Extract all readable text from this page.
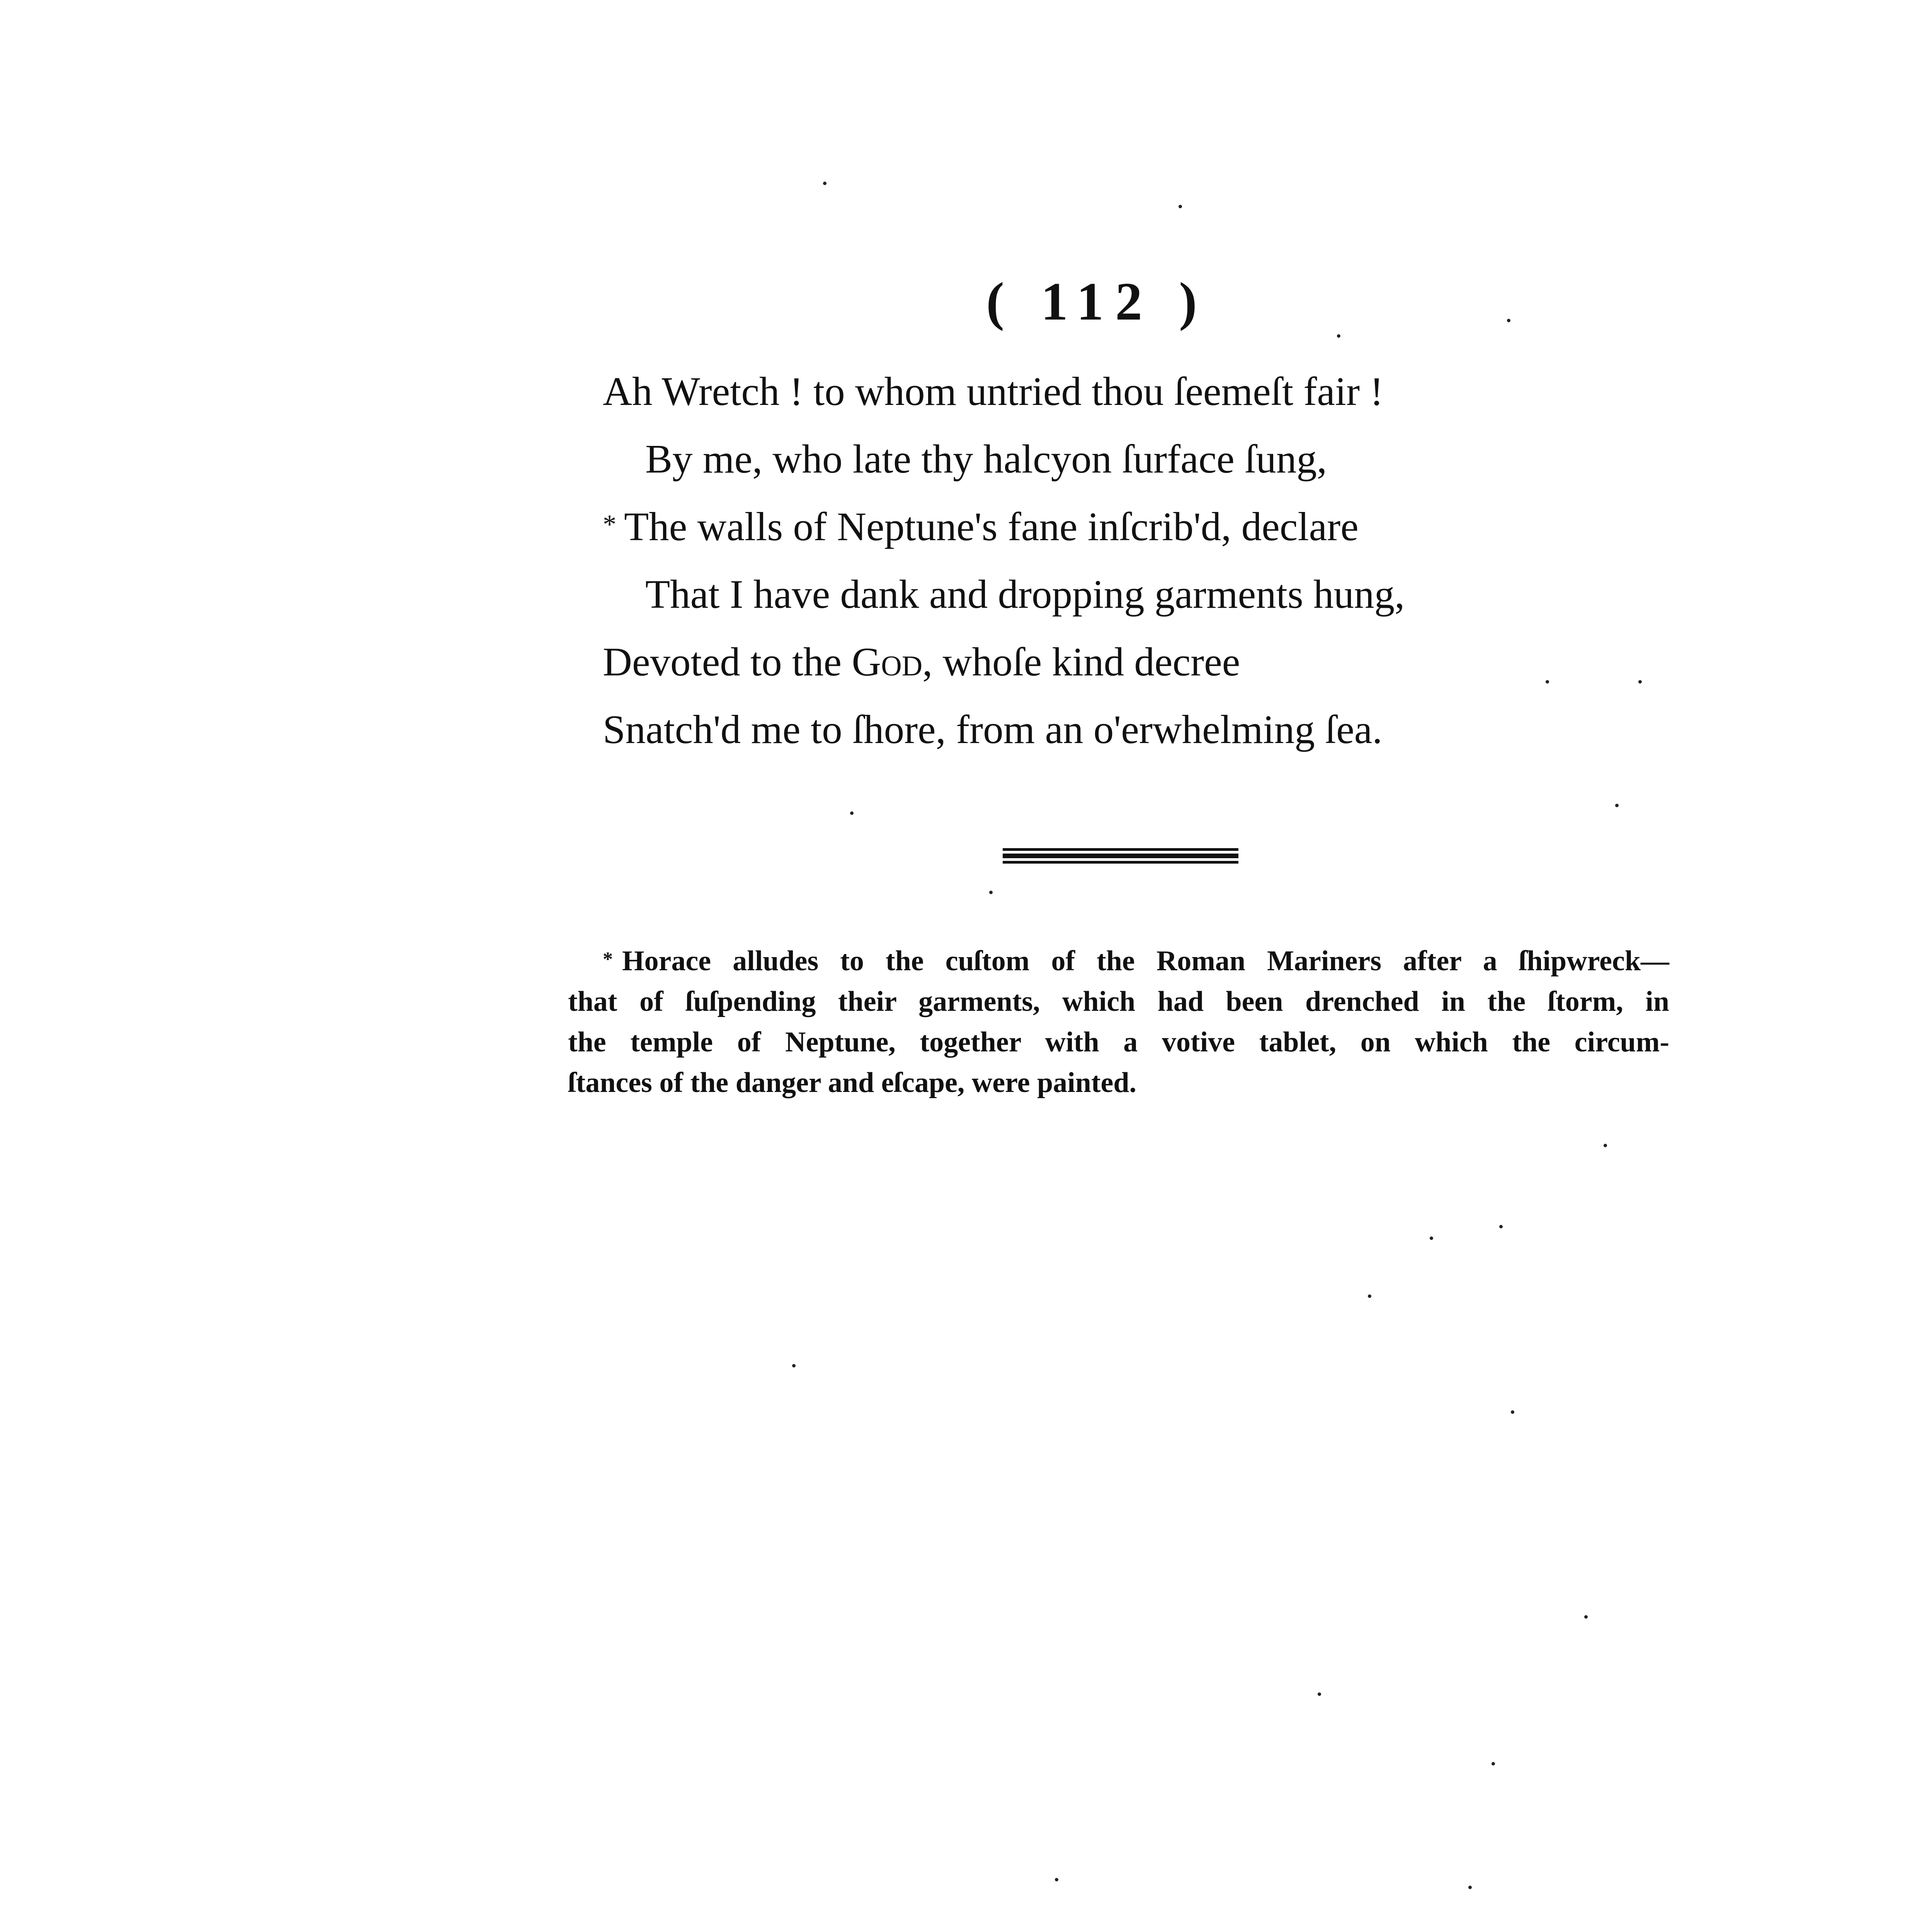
( 112 )
Ah Wretch ! to whom untried thou ſeemeſt fair !
By me, who late thy halcyon ſurface ſung,
* The walls of Neptune's fane inſcrib'd, declare
That I have dank and dropping garments hung,
Devoted to the God, whoſe kind decree
Snatch'd me to ſhore, from an o'erwhelming ſea.
* Horace alludes to the cuſtom of the Roman Mariners after a ſhipwreck—
that of ſuſpending their garments, which had been drenched in the ſtorm, in
the temple of Neptune, together with a votive tablet, on which the circum-
ſtances of the danger and eſcape, were painted.
